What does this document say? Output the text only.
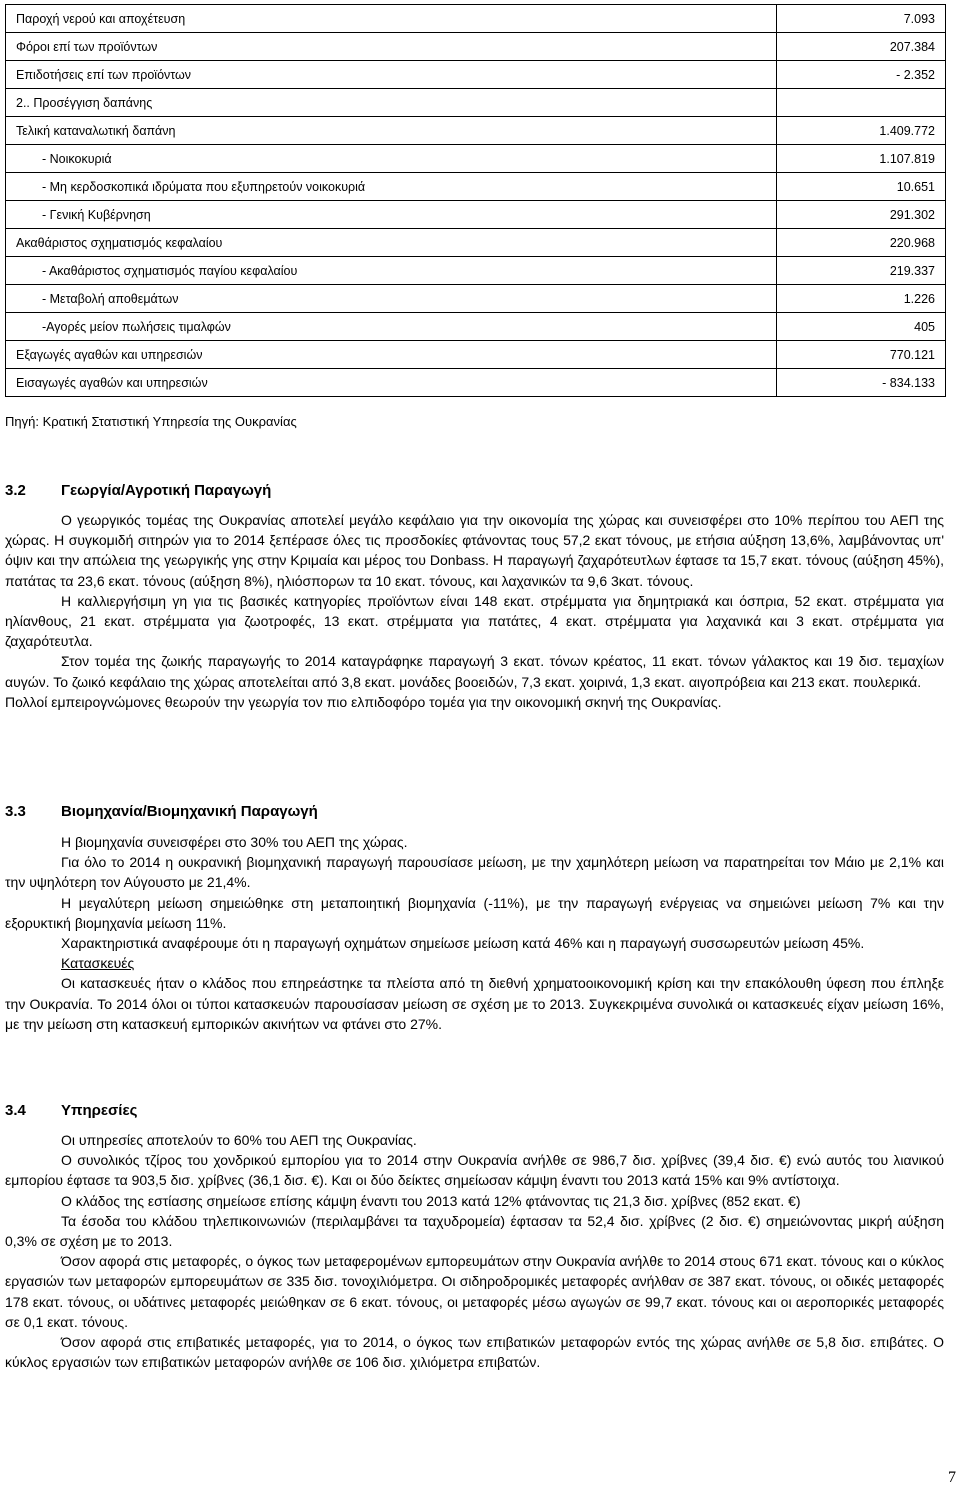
Παροχή νερού και αποχέτευση	7.093
Φόροι επί των προϊόντων	207.384
Επιδοτήσεις επί των προϊόντων	- 2.352
2.. Προσέγγιση δαπάνης	
Τελική καταναλωτική δαπάνη	1.409.772
- Νοικοκυριά	1.107.819
- Μη κερδοσκοπικά ιδρύματα που εξυπηρετούν νοικοκυριά	10.651
- Γενική Κυβέρνηση	291.302
Ακαθάριστος σχηματισμός κεφαλαίου	220.968
- Ακαθάριστος σχηματισμός παγίου κεφαλαίου	219.337
- Μεταβολή αποθεμάτων	1.226
-Αγορές μείον πωλήσεις τιμαλφών	405
Εξαγωγές αγαθών και υπηρεσιών	770.121
Εισαγωγές αγαθών και υπηρεσιών	- 834.133
Πηγή: Κρατική Στατιστική Υπηρεσία της Ουκρανίας
3.2 Γεωργία/Αγροτική Παραγωγή

Ο γεωργικός τομέας της Ουκρανίας αποτελεί μεγάλο κεφάλαιο για την οικονομία της χώρας και συνεισφέρει στο 10% περίπου του ΑΕΠ της χώρας. Η συγκομιδή σιτηρών για το 2014 ξεπέρασε όλες τις προσδοκίες φτάνοντας τους 57,2 εκατ τόνους, με ετήσια αύξηση 13,6%, λαμβάνοντας υπ' όψιν και την απώλεια της γεωργικής γης στην Κριμαία και μέρος του Donbass. Η παραγωγή ζαχαρότευτλων έφτασε τα 15,7 εκατ. τόνους (αύξηση 45%), πατάτας τα 23,6 εκατ. τόνους (αύξηση 8%), ηλιόσπορων τα 10 εκατ. τόνους, και λαχανικών τα 9,6 3κατ. τόνους.

Η καλλιεργήσιμη γη για τις βασικές κατηγορίες προϊόντων είναι 148 εκατ. στρέμματα για δημητριακά και όσπρια, 52 εκατ. στρέμματα για ηλίανθους, 21 εκατ. στρέμματα για ζωοτροφές, 13 εκατ. στρέμματα για πατάτες, 4 εκατ. στρέμματα για λαχανικά και 3 εκατ. στρέμματα για ζαχαρότευτλα.

Στον τομέα της ζωικής παραγωγής το 2014 καταγράφηκε παραγωγή 3 εκατ. τόνων κρέατος, 11 εκατ. τόνων γάλακτος και 19 δισ. τεμαχίων αυγών. Το ζωικό κεφάλαιο της χώρας αποτελείται από 3,8 εκατ. μονάδες βοοειδών, 7,3 εκατ. χοιρινά, 1,3 εκατ. αιγοπρόβεια και 213 εκατ. πουλερικά.

Πολλοί εμπειρογνώμονες θεωρούν την γεωργία τον πιο ελπιδοφόρο τομέα για την οικονομική σκηνή της Ουκρανίας.

3.3 Βιομηχανία/Βιομηχανική Παραγωγή

Η βιομηχανία συνεισφέρει στο 30% του ΑΕΠ της χώρας.

Για όλο το 2014 η ουκρανική βιομηχανική παραγωγή παρουσίασε μείωση, με την χαμηλότερη μείωση να παρατηρείται τον Μάιο με 2,1% και την υψηλότερη τον Αύγουστο με 21,4%.

Η μεγαλύτερη μείωση σημειώθηκε στη μεταποιητική βιομηχανία (-11%), με την παραγωγή ενέργειας να σημειώνει μείωση 7% και την εξορυκτική βιομηχανία μείωση 11%.

Χαρακτηριστικά αναφέρουμε ότι η παραγωγή οχημάτων σημείωσε μείωση κατά 46% και η παραγωγή συσσωρευτών μείωση 45%.

Κατασκευές

Οι κατασκευές ήταν ο κλάδος που επηρεάστηκε τα πλείστα από τη διεθνή χρηματοοικονομική κρίση και την επακόλουθη ύφεση που έπληξε την Ουκρανία. Το 2014 όλοι οι τύποι κατασκευών παρουσίασαν μείωση σε σχέση με το 2013. Συγκεκριμένα συνολικά οι κατασκευές είχαν μείωση 16%, με την μείωση στη κατασκευή εμπορικών ακινήτων να φτάνει στο 27%.

3.4 Υπηρεσίες

Οι υπηρεσίες αποτελούν το 60% του ΑΕΠ της Ουκρανίας.

Ο συνολικός τζίρος του χονδρικού εμπορίου για το 2014 στην Ουκρανία ανήλθε σε 986,7 δισ. χρίβνες (39,4 δισ. €) ενώ αυτός του λιανικού εμπορίου έφτασε τα 903,5 δισ. χρίβνες (36,1 δισ. €). Και οι δύο δείκτες σημείωσαν κάμψη έναντι του 2013 κατά 15% και 9% αντίστοιχα.

Ο κλάδος της εστίασης σημείωσε επίσης κάμψη έναντι του 2013 κατά 12% φτάνοντας τις 21,3 δισ. χρίβνες (852 εκατ. €)

Τα έσοδα του κλάδου τηλεπικοινωνιών (περιλαμβάνει τα ταχυδρομεία) έφτασαν τα 52,4 δισ. χρίβνες (2 δισ. €) σημειώνοντας μικρή αύξηση 0,3% σε σχέση με το 2013.

Όσον αφορά στις μεταφορές, ο όγκος των μεταφερομένων εμπορευμάτων στην Ουκρανία ανήλθε το 2014 στους 671 εκατ. τόνους και ο κύκλος εργασιών των μεταφορών εμπορευμάτων σε 335 δισ. τονοχιλιόμετρα. Οι σιδηροδρομικές μεταφορές ανήλθαν σε 387 εκατ. τόνους, οι οδικές μεταφορές 178 εκατ. τόνους, οι υδάτινες μεταφορές μειώθηκαν σε 6 εκατ. τόνους, οι μεταφορές μέσω αγωγών σε 99,7 εκατ. τόνους και οι αεροπορικές μεταφορές σε 0,1 εκατ. τόνους.

Όσον αφορά στις επιβατικές μεταφορές, για το 2014, ο όγκος των επιβατικών μεταφορών εντός της χώρας ανήλθε σε 5,8 δισ. επιβάτες. Ο κύκλος εργασιών των επιβατικών μεταφορών ανήλθε σε 106 δισ. χιλιόμετρα επιβατών.

7
